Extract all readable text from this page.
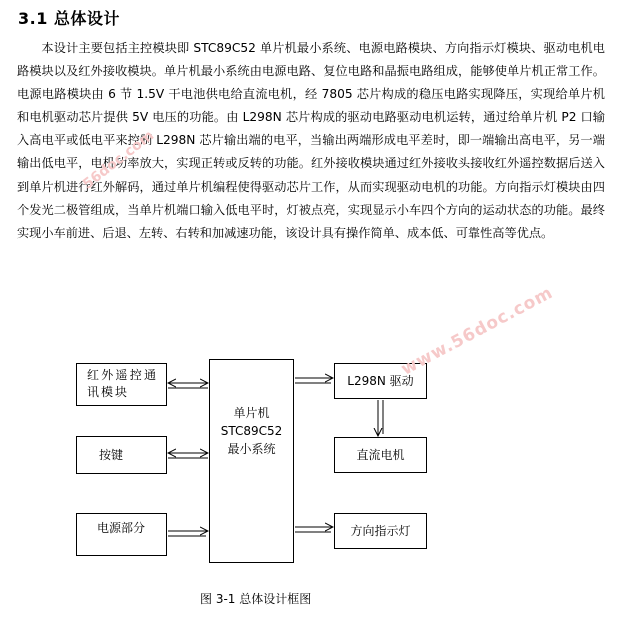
3.1 总体设计
本设计主要包括主控模块即 STC89C52 单片机最小系统、电源电路模块、方向指示灯模块、驱动电机电路模块以及红外接收模块。单片机最小系统由电源电路、复位电路和晶振电路组成，能够使单片机正常工作。电源电路模块由 6 节 1.5V 干电池供电给直流电机，经 7805 芯片构成的稳压电路实现降压，实现给单片机和电机驱动芯片提供 5V 电压的功能。由 L298N 芯片构成的驱动电路驱动电机运转，通过给单片机 P2 口输入高电平或低电平来控制 L298N 芯片输出端的电平，当输出两端形成电平差时，即一端输出高电平，另一端输出低电平，电机功率放大，实现正转或反转的功能。红外接收模块通过红外接收头接收红外遥控数据后送入到单片机进行红外解码，通过单片机编程使得驱动芯片工作，从而实现驱动电机的功能。方向指示灯模块由四个发光二极管组成，当单片机端口输入低电平时，灯被点亮，实现显示小车四个方向的运动状态的功能。最终实现小车前进、后退、左转、右转和加减速功能，该设计具有操作简单、成本低、可靠性高等优点。
红外遥控通讯模块
按键
电源部分
单片机
STC89C52
最小系统
L298N 驱动
直流电机
方向指示灯
图 3-1 总体设计框图
56doc.com
www.56doc.com
